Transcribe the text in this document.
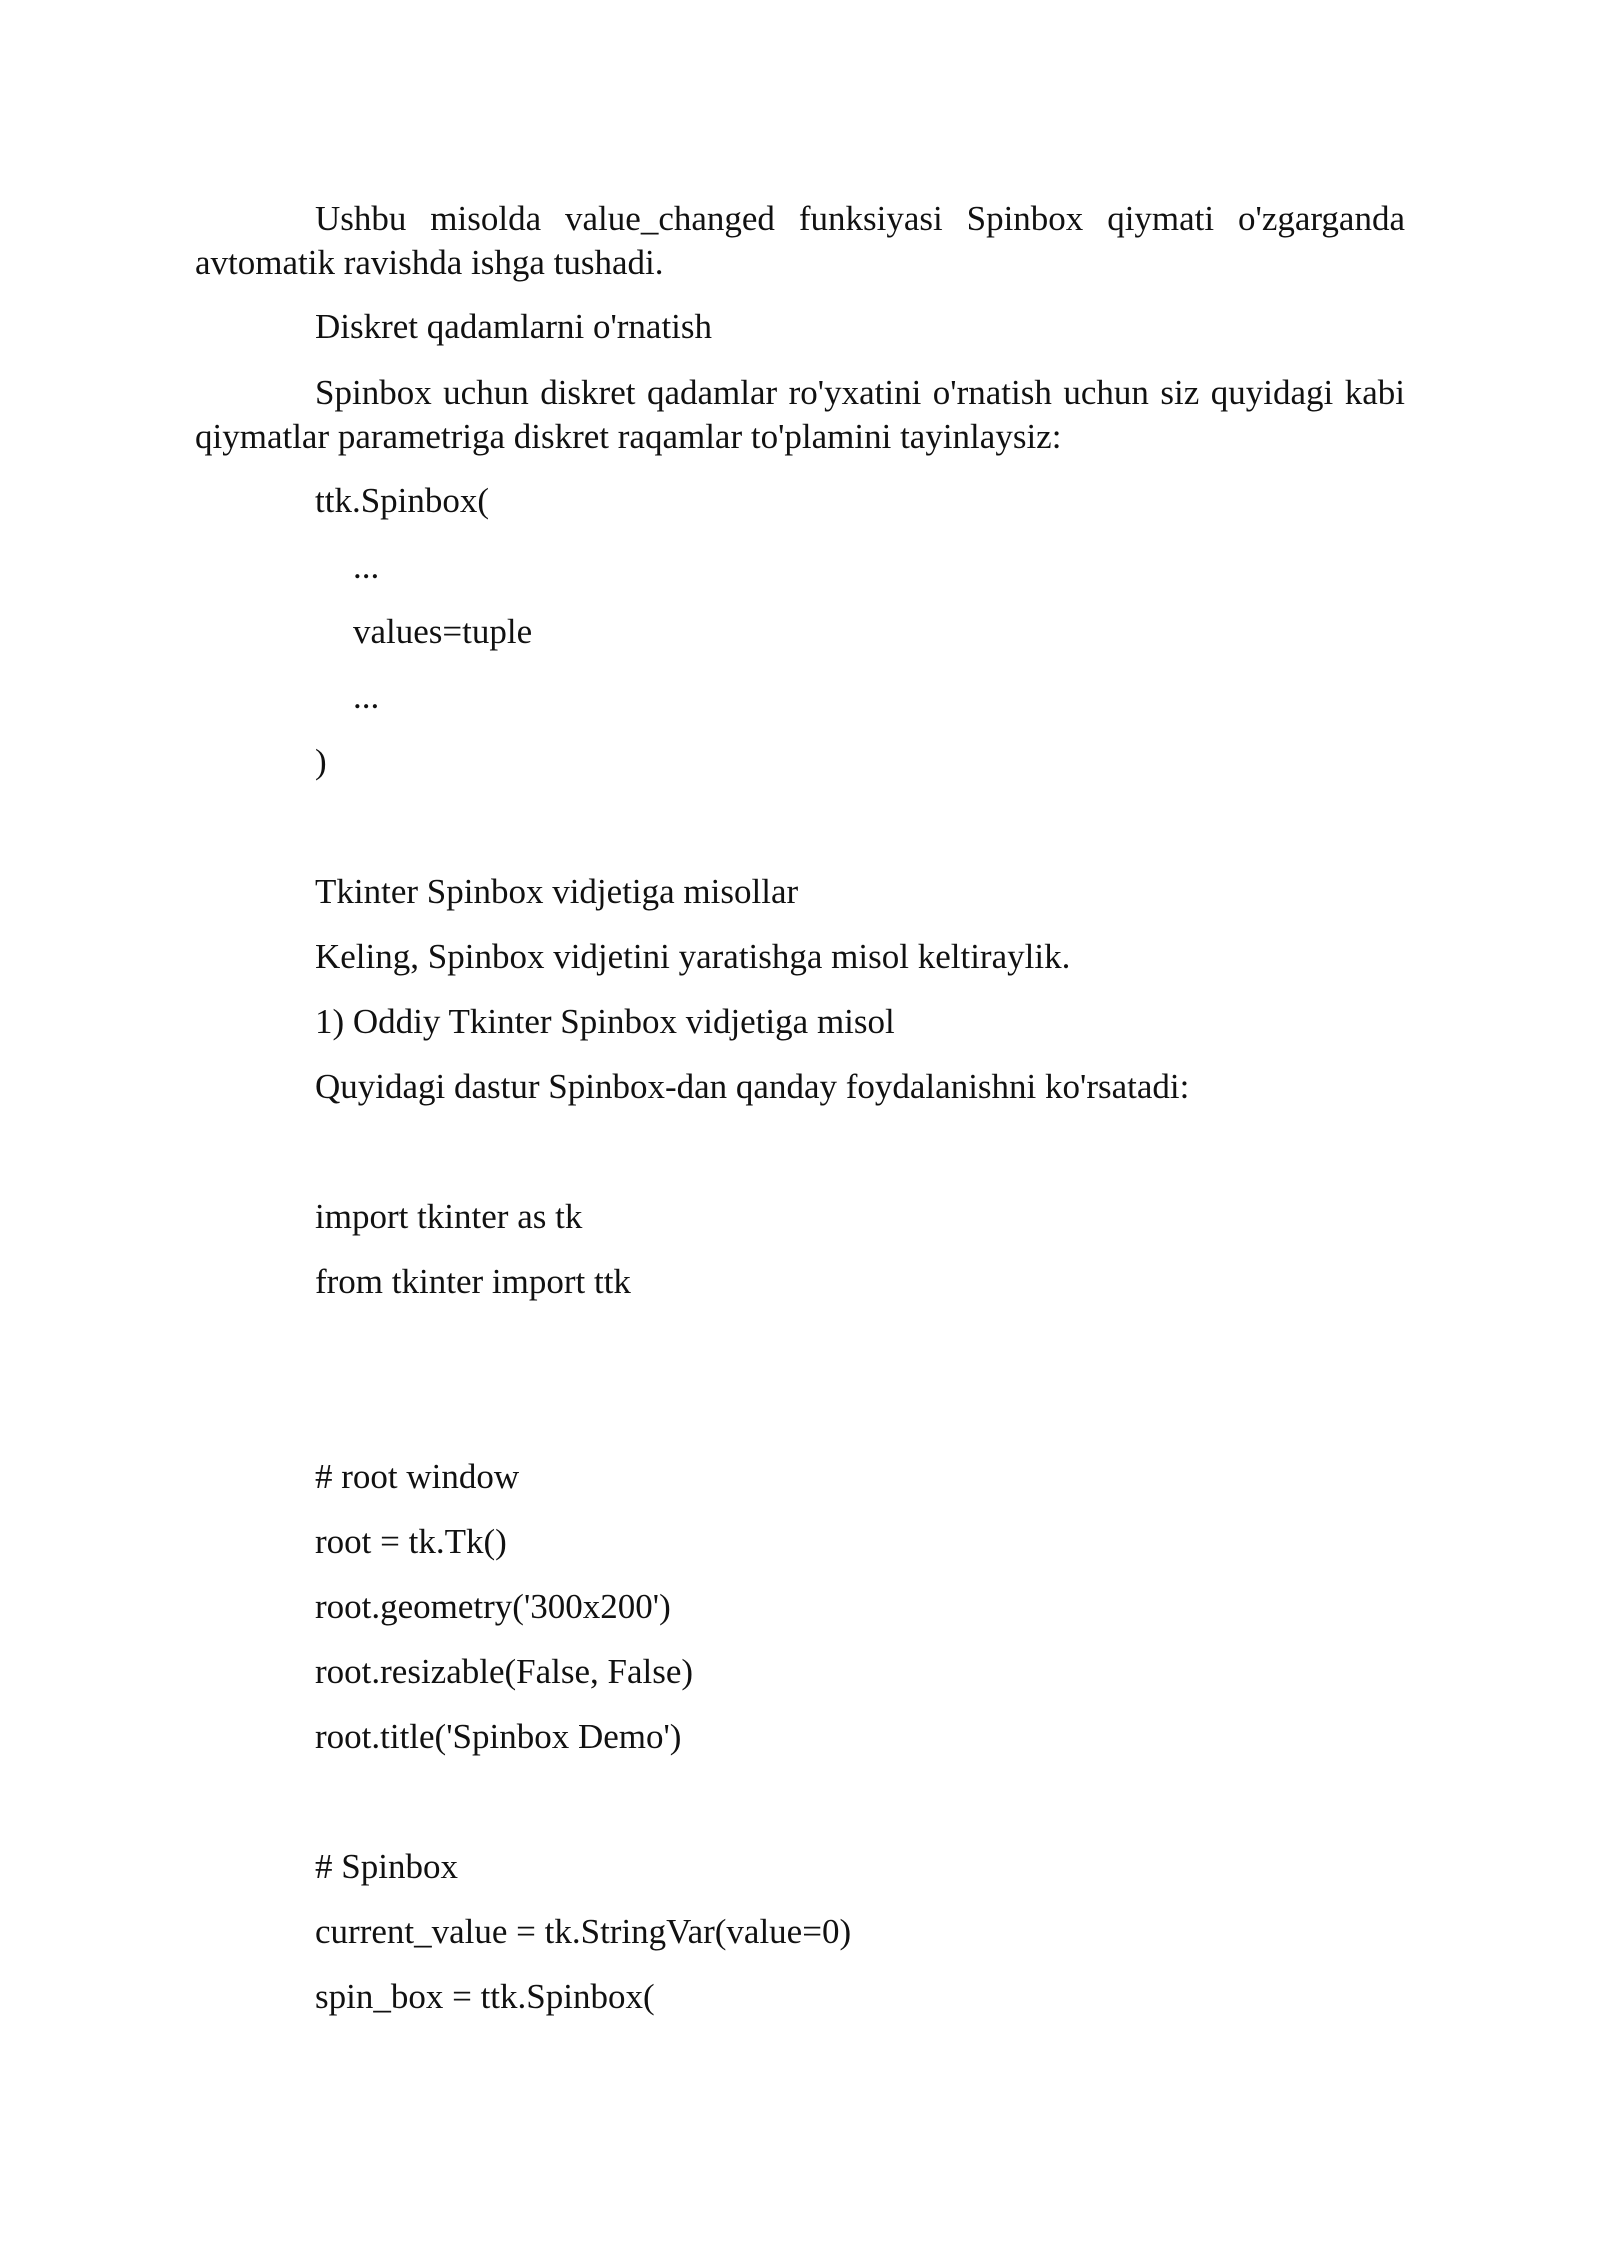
Ushbu misolda value_changed funksiyasi Spinbox qiymati o'zgarganda avtomatik ravishda ishga tushadi.

Diskret qadamlarni o'rnatish

Spinbox uchun diskret qadamlar ro'yxatini o'rnatish uchun siz quyidagi kabi qiymatlar parametriga diskret raqamlar to'plamini tayinlaysiz:

ttk.Spinbox(

...

values=tuple

...

)

Tkinter Spinbox vidjetiga misollar

Keling, Spinbox vidjetini yaratishga misol keltiraylik.

1) Oddiy Tkinter Spinbox vidjetiga misol

Quyidagi dastur Spinbox-dan qanday foydalanishni ko'rsatadi:

import tkinter as tk

from tkinter import ttk

# root window

root = tk.Tk()

root.geometry('300x200')

root.resizable(False, False)

root.title('Spinbox Demo')

# Spinbox

current_value = tk.StringVar(value=0)

spin_box = ttk.Spinbox(
